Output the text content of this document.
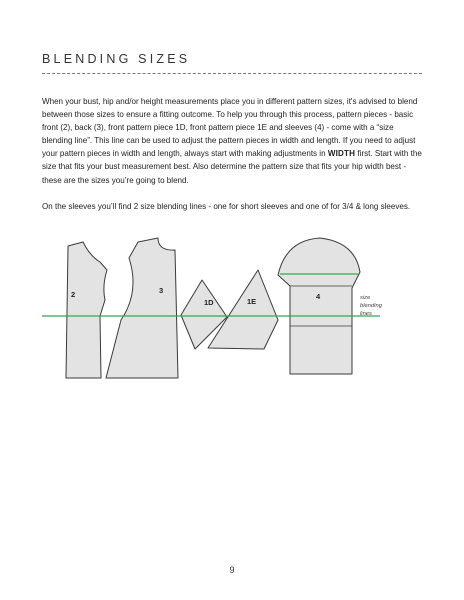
BLENDING SIZES

When your bust, hip and/or height measurements place you in different pattern sizes, it's advised to blend between those sizes to ensure a fitting outcome. To help you through this process, pattern pieces - basic front (2), back (3), front pattern piece 1D, front pattern piece 1E and sleeves (4) - come with a “size blending line”. This line can be used to adjust the pattern pieces in width and length. If you need to adjust your pattern pieces in width and length, always start with making adjustments in WIDTH first. Start with the size that fits your bust measurement best. Also determine the pattern size that fits your hip width best - these are the sizes you’re going to blend.

On the sleeves you’ll find 2 size blending lines - one for short sleeves and one of for 3/4 & long sleeves.

2	3
1D	1E
4	size
blending
lines
9
